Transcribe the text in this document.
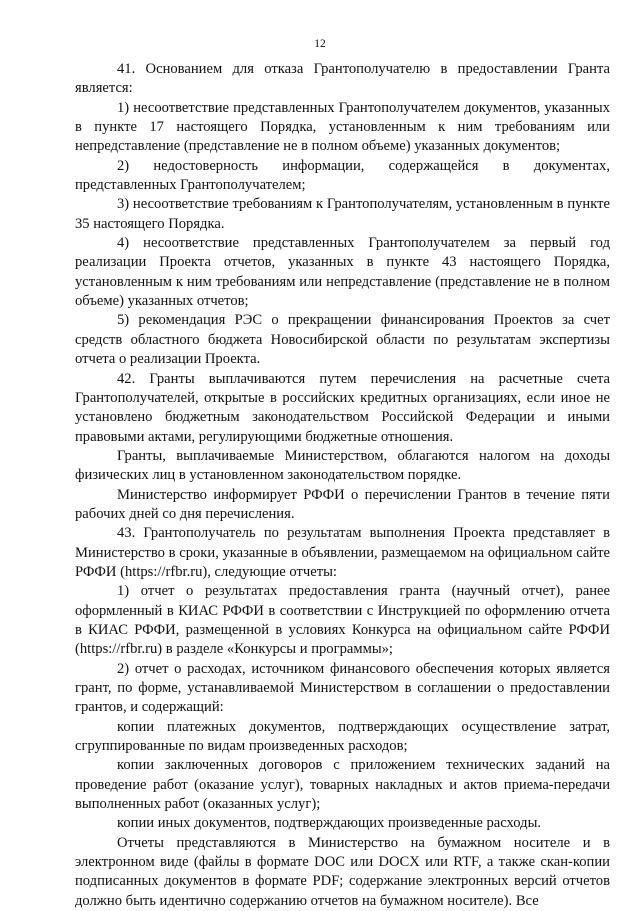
12

41. Основанием для отказа Грантополучателю в предоставлении Гранта является:

1) несоответствие представленных Грантополучателем документов, указанных в пункте 17 настоящего Порядка, установленным к ним требованиям или непредставление (представление не в полном объеме) указанных документов;

2) недостоверность информации, содержащейся в документах, представленных Грантополучателем;

3) несоответствие требованиям к Грантополучателям, установленным в пункте 35 настоящего Порядка.

4) несоответствие представленных Грантополучателем за первый год реализации Проекта отчетов, указанных в пункте 43 настоящего Порядка, установленным к ним требованиям или непредставление (представление не в полном объеме) указанных отчетов;

5) рекомендация РЭС о прекращении финансирования Проектов за счет средств областного бюджета Новосибирской области по результатам экспертизы отчета о реализации Проекта.

42. Гранты выплачиваются путем перечисления на расчетные счета Грантополучателей, открытые в российских кредитных организациях, если иное не установлено бюджетным законодательством Российской Федерации и иными правовыми актами, регулирующими бюджетные отношения.

Гранты, выплачиваемые Министерством, облагаются налогом на доходы физических лиц в установленном законодательством порядке.

Министерство информирует РФФИ о перечислении Грантов в течение пяти рабочих дней со дня перечисления.

43. Грантополучатель по результатам выполнения Проекта представляет в Министерство в сроки, указанные в объявлении, размещаемом на официальном сайте РФФИ (https://rfbr.ru), следующие отчеты:

1) отчет о результатах предоставления гранта (научный отчет), ранее оформленный в КИАС РФФИ в соответствии с Инструкцией по оформлению отчета в КИАС РФФИ, размещенной в условиях Конкурса на официальном сайте РФФИ (https://rfbr.ru) в разделе «Конкурсы и программы»;

2) отчет о расходах, источником финансового обеспечения которых является грант, по форме, устанавливаемой Министерством в соглашении о предоставлении грантов, и содержащий:

копии платежных документов, подтверждающих осуществление затрат, сгруппированные по видам произведенных расходов;

копии заключенных договоров с приложением технических заданий на проведение работ (оказание услуг), товарных накладных и актов приема-передачи выполненных работ (оказанных услуг);

копии иных документов, подтверждающих произведенные расходы.

Отчеты представляются в Министерство на бумажном носителе и в электронном виде (файлы в формате DOC или DOCX или RTF, а также скан-копии подписанных документов в формате PDF; содержание электронных версий отчетов должно быть идентично содержанию отчетов на бумажном носителе). Все
